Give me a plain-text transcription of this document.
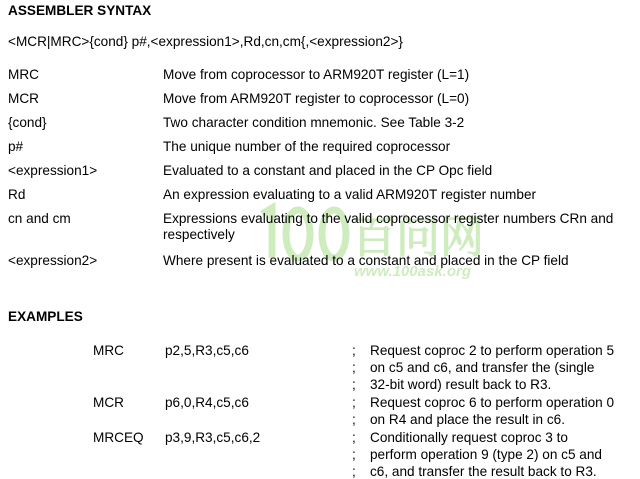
百问网
www.100ask.org
ASSEMBLER SYNTAX
<MCR|MRC>{cond} p#,<expression1>,Rd,cn,cm{,<expression2>}
MRC	Move from coprocessor to ARM920T register (L=1)
MCR	Move from ARM920T register to coprocessor (L=0)
{cond}	Two character condition mnemonic. See Table 3-2
p#	The unique number of the required coprocessor
<expression1>	Evaluated to a constant and placed in the CP Opc field
Rd	An expression evaluating to a valid ARM920T register number
cn and cm	Expressions evaluating to the valid coprocessor register numbers CRn and respectively
<expression2>	Where present is evaluated to a constant and placed in the CP field
EXAMPLES
MRC	p2,5,R3,c5,c6	; Request coproc 2 to perform operation 5
; on c5 and c6, and transfer the (single
; 32-bit word) result back to R3.
MCR	p6,0,R4,c5,c6	; Request coproc 6 to perform operation 0
; on R4 and place the result in c6.
MRCEQ p3,9,R3,c5,c6,2	; Conditionally request coproc 3 to
; perform operation 9 (type 2) on c5 and
; c6, and transfer the result back to R3.
